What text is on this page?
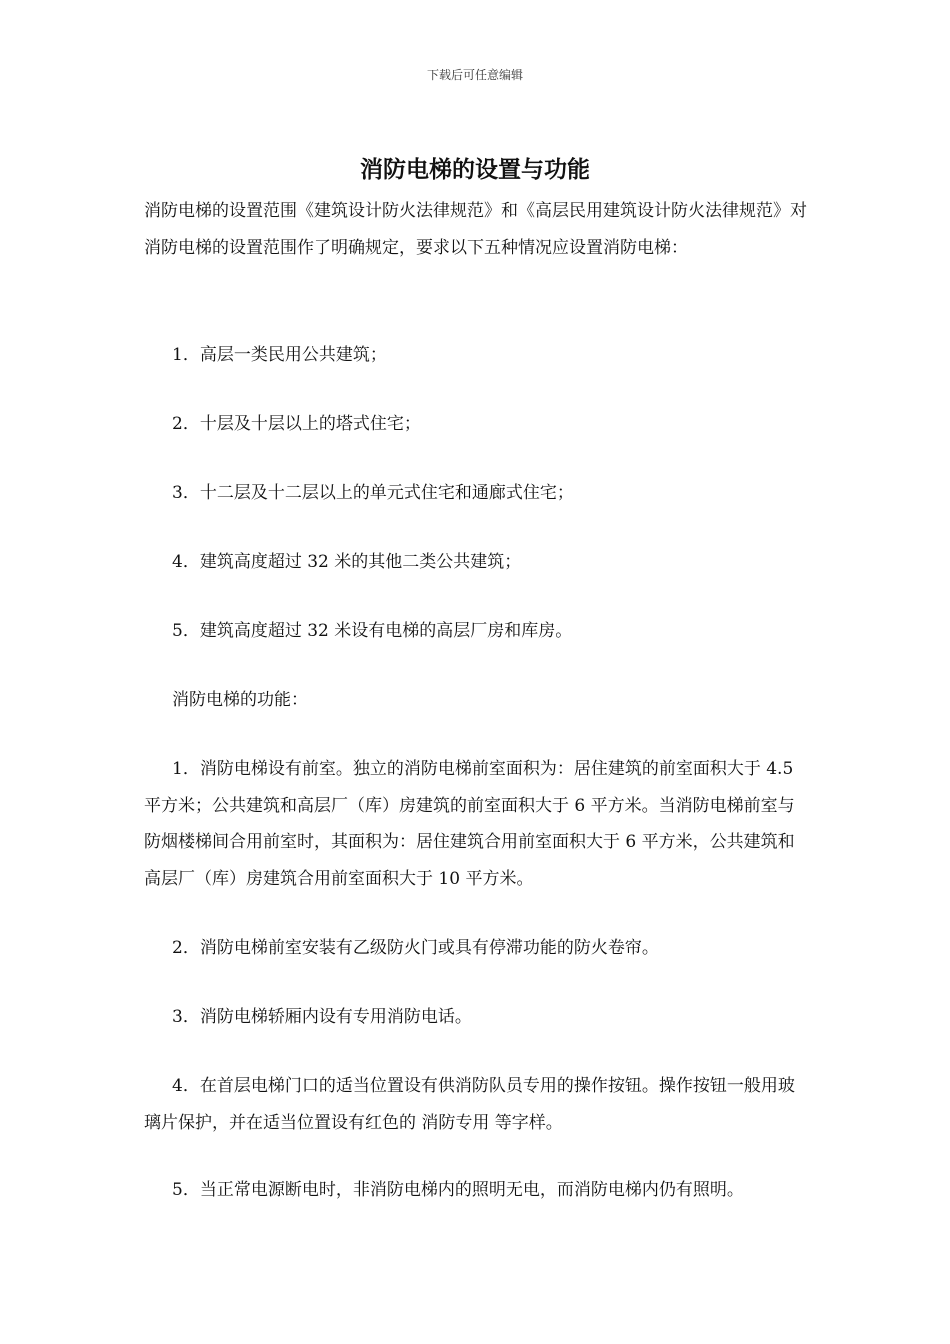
下载后可任意编辑
消防电梯的设置与功能

消防电梯的设置范围《建筑设计防火法律规范》和《高层民用建筑设计防火法律规范》对消防电梯的设置范围作了明确规定，要求以下五种情况应设置消防电梯：

1．高层一类民用公共建筑；

2．十层及十层以上的塔式住宅；

3．十二层及十二层以上的单元式住宅和通廊式住宅；

4．建筑高度超过 32 米的其他二类公共建筑；

5．建筑高度超过 32 米设有电梯的高层厂房和库房。

消防电梯的功能：

1．消防电梯设有前室。独立的消防电梯前室面积为：居住建筑的前室面积大于 4.5 平方米；公共建筑和高层厂（库）房建筑的前室面积大于 6 平方米。当消防电梯前室与防烟楼梯间合用前室时，其面积为：居住建筑合用前室面积大于 6 平方米，公共建筑和高层厂（库）房建筑合用前室面积大于 10 平方米。

2．消防电梯前室安装有乙级防火门或具有停滞功能的防火卷帘。

3．消防电梯轿厢内设有专用消防电话。

4．在首层电梯门口的适当位置设有供消防队员专用的操作按钮。操作按钮一般用玻璃片保护，并在适当位置设有红色的 消防专用 等字样。

5．当正常电源断电时，非消防电梯内的照明无电，而消防电梯内仍有照明。
